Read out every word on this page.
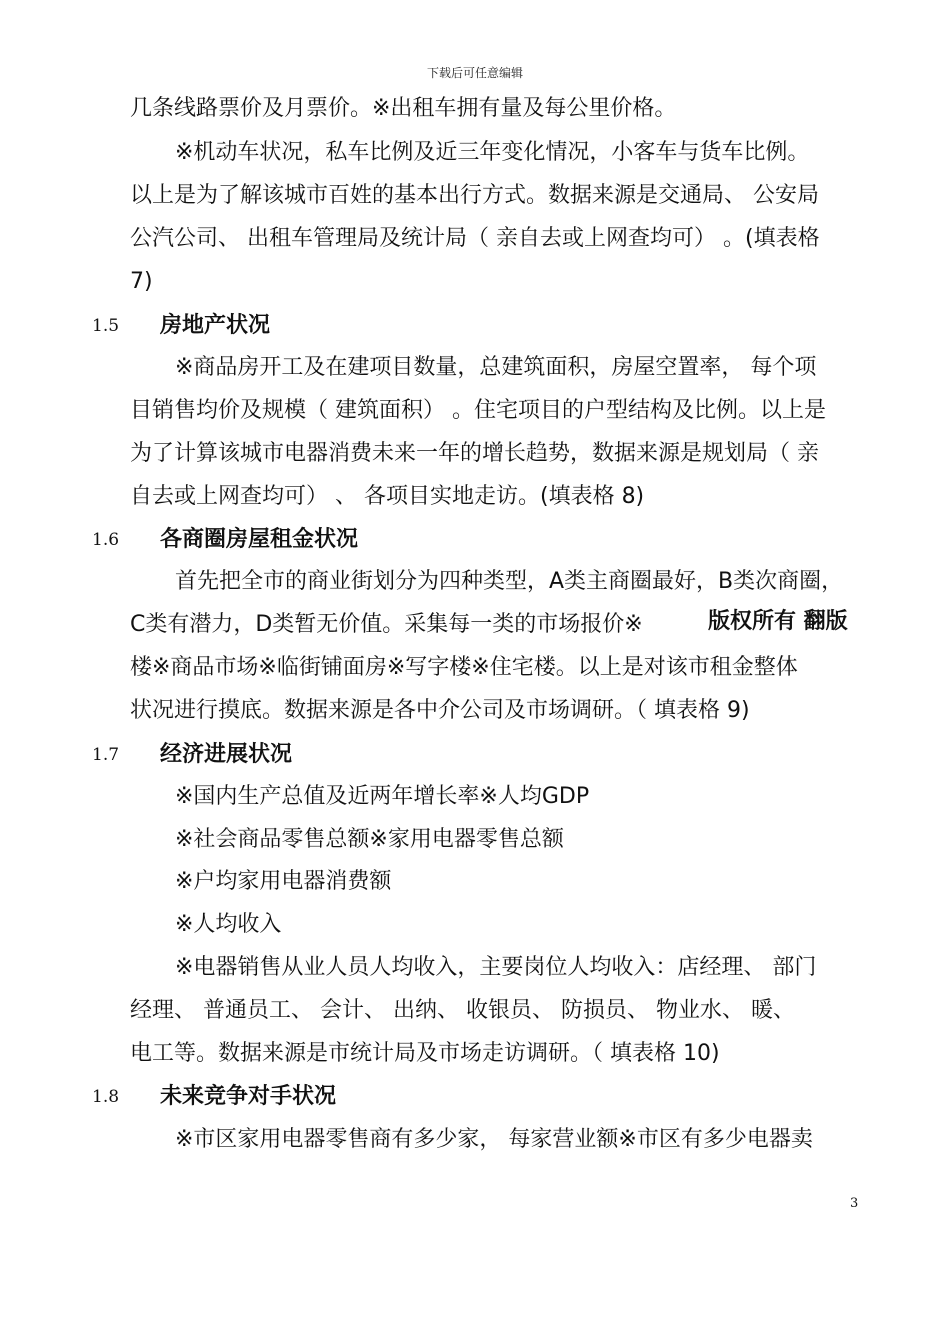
下载后可任意编辑
几条线路票价及月票价。※出租车拥有量及每公里价格。
※机动车状况，私车比例及近三年变化情况，小客车与货车比例。
以上是为了解该城市百姓的基本出行方式。数据来源是交通局、 公安局
公汽公司、 出租车管理局及统计局（ 亲自去或上网查均可） 。(填表格
7)
1.5 房地产状况
※商品房开工及在建项目数量，总建筑面积，房屋空置率， 每个项
目销售均价及规模（ 建筑面积） 。住宅项目的户型结构及比例。以上是
为了计算该城市电器消费未来一年的增长趋势，数据来源是规划局（ 亲
自去或上网查均可） 、 各项目实地走访。(填表格 8)
1.6 各商圈房屋租金状况
首先把全市的商业街划分为四种类型，A类主商圈最好，B类次商圈，
C类有潜力，D类暂无价值。采集每一类的市场报价※
楼※商品市场※临街铺面房※写字楼※住宅楼。以上是对该市租金整体
状况进行摸底。数据来源是各中介公司及市场调研。（ 填表格 9)
版权所有 翻版
1.7 经济进展状况
※国内生产总值及近两年增长率※人均GDP
※社会商品零售总额※家用电器零售总额
※户均家用电器消费额
※人均收入
※电器销售从业人员人均收入，主要岗位人均收入：店经理、 部门
经理、 普通员工、 会计、 出纳、 收银员、 防损员、 物业水、 暖、
电工等。数据来源是市统计局及市场走访调研。（ 填表格 10)
1.8 未来竞争对手状况
※市区家用电器零售商有多少家， 每家营业额※市区有多少电器卖
3
